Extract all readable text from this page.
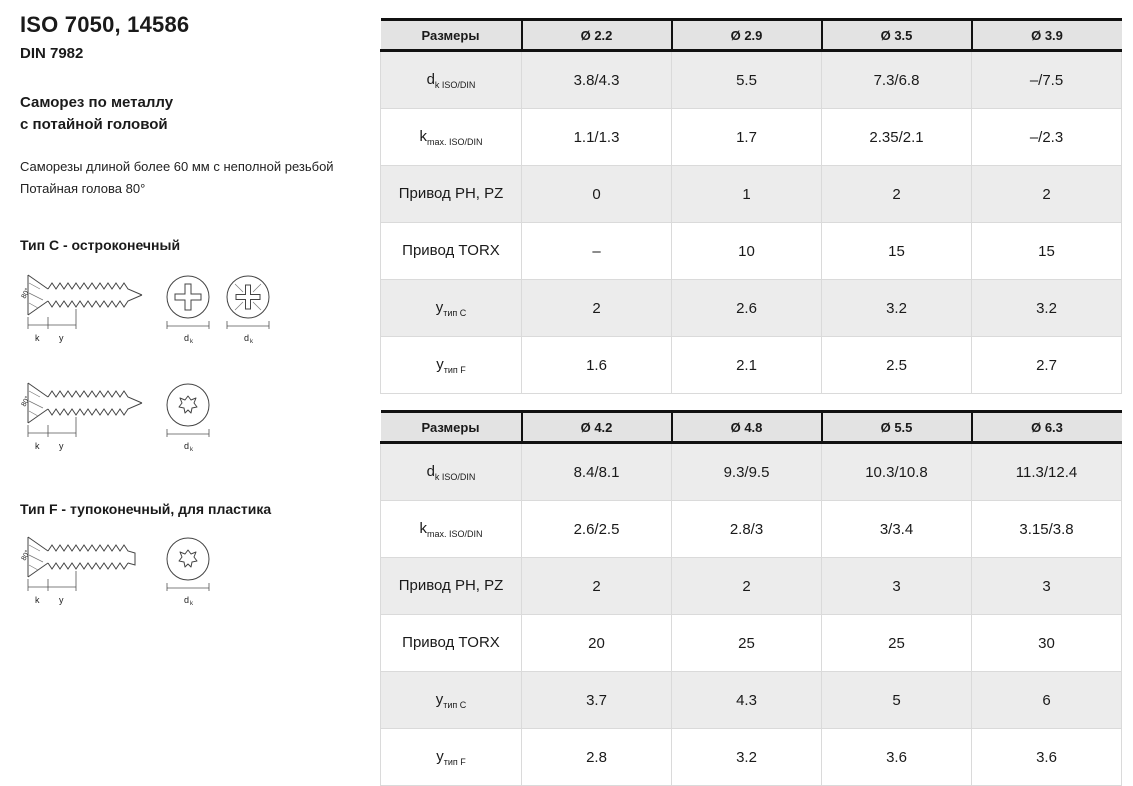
ISO 7050, 14586
DIN 7982
Саморез по металлу
с потайной головой
Саморезы длиной более 60 мм с неполной резьбой
Потайная голова 80°
Тип C - остроконечный
80°
k y	d k	d k
80°
k y	d k
Тип F - тупоконечный, для пластика
80°
k y	d k
Размеры	Ø 2.2	Ø 2.9	Ø 3.5	Ø 3.9
$d_{k ISO/DIN}$	3.8/4.3	5.5	7.3/6.8	–/7.5
$k_{max. ISO/DIN}$	1.1/1.3	1.7	2.35/2.1	–/2.3
Привод PH, PZ	0	1	2	2
Привод TORX	–	10	15	15
$y_{тип C}$	2	2.6	3.2	3.2
$y_{тип F}$	1.6	2.1	2.5	2.7
Размеры	Ø 4.2	Ø 4.8	Ø 5.5	Ø 6.3
$d_{k ISO/DIN}$	8.4/8.1	9.3/9.5	10.3/10.8	11.3/12.4
$k_{max. ISO/DIN}$	2.6/2.5	2.8/3	3/3.4	3.15/3.8
Привод PH, PZ	2	2	3	3
Привод TORX	20	25	25	30
$y_{тип C}$	3.7	4.3	5	6
$y_{тип F}$	2.8	3.2	3.6	3.6
